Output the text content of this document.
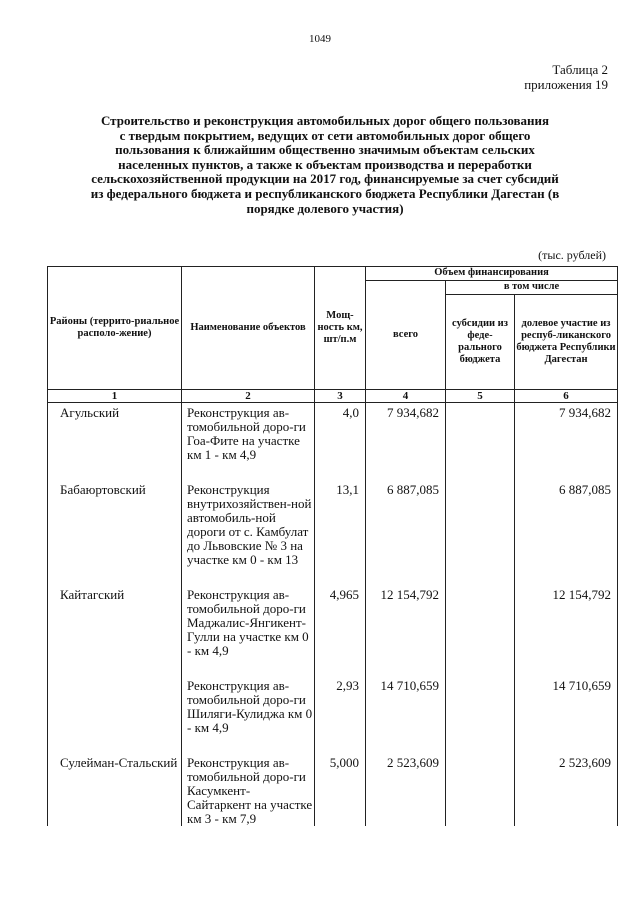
1049
Таблица 2
приложения 19
Строительство и реконструкция автомобильных дорог общего пользования
с твердым покрытием, ведущих от сети автомобильных дорог общего
пользования к ближайшим общественно значимым объектам сельских
населенных пунктов, а также к объектам производства и переработки
сельскохозяйственной продукции на 2017 год, финансируемые за счет субсидий
из федерального бюджета и республиканского бюджета Республики Дагестан (в
порядке долевого участия)
(тыс. рублей)
Районы (террито-риальное располо-жение)	Наименование объектов	Мощ-ность км, шт/п.м	Объем финансирования		
			всего	в том числе	
				субсидии из феде-рального бюджета	долевое участие из респуб-ликанского бюджета Республики Дагестан
1	2	3	4	5	6
Агульский	Реконструкция ав-томобильной доро-ги Гоа-Фите на участке км 1 - км 4,9	4,0	7 934,682		7 934,682

Бабаюртовский	Реконструкция внутрихозяйствен-ной автомобиль-ной дороги от с. Камбулат до Львовские № 3 на участке км 0 - км 13	13,1	6 887,085		6 887,085

Кайтагский	Реконструкция ав-томобильной доро-ги Маджалис-Янгикент-Гулли на участке км 0 - км 4,9	4,965	12 154,792		12 154,792

	Реконструкция ав-томобильной доро-ги Шиляги-Кулиджа км 0 - км 4,9	2,93	14 710,659		14 710,659

Сулейман-Стальский	Реконструкция ав-томобильной доро-ги Касумкент-Сайтаркент на участке км 3 - км 7,9	5,000	2 523,609		2 523,609
